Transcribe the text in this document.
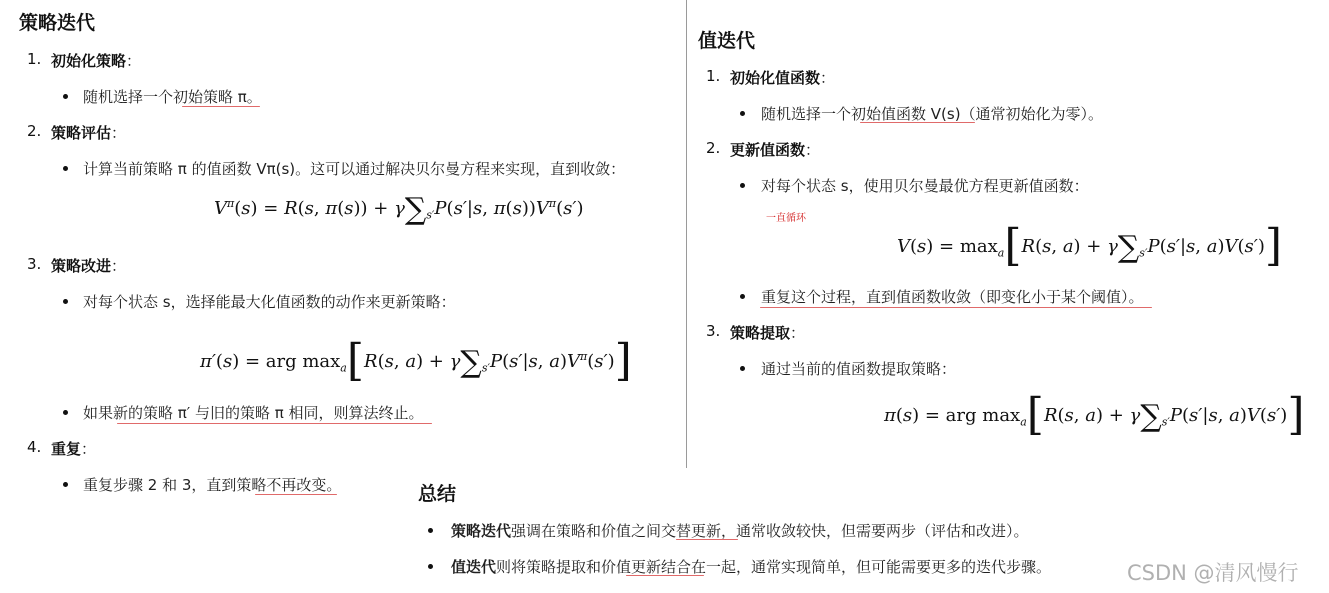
策略迭代
1. 初始化策略：
随机选择一个初始策略 π。
2. 策略评估：
计算当前策略 π 的值函数 Vπ(s)。这可以通过解决贝尔曼方程来实现，直到收敛：
$V^\pi(s) = R(s$, $\pi(s)) + \gamma\sum_{s'}P(s'|s$, $\pi(s))V^\pi(s')$
3. 策略改进：
对每个状态 s，选择能最大化值函数的动作来更新策略：
π′(s) = arg $\max_a[R(s$, $a) + \gamma\sum_{s'}P(s'|s$, $a)V^\pi(s')$]
如果新的策略 π′ 与旧的策略 π 相同，则算法终止。
4. 重复：
重复步骤 2 和 3，直到策略不再改变。
值迭代
1. 初始化值函数：
随机选择一个初始值函数 V(s)（通常初始化为零）。
2. 更新值函数：
对每个状态 s，使用贝尔曼最优方程更新值函数：
一直循环
$V(s) = \max_a[R(s$, $a) + \gamma\sum_{s'}P(s'|s$, a)V(s′)]
重复这个过程，直到值函数收敛（即变化小于某个阈值）。
3. 策略提取：
通过当前的值函数提取策略：
π(s) = arg $\max_a[R(s$, $a) + \gamma\sum_{s'}P(s'|s$, a)V(s′)]
总结
策略迭代强调在策略和价值之间交替更新，通常收敛较快，但需要两步（评估和改进）。
值迭代则将策略提取和价值更新结合在一起，通常实现简单，但可能需要更多的迭代步骤。	CSDN @清风慢行
